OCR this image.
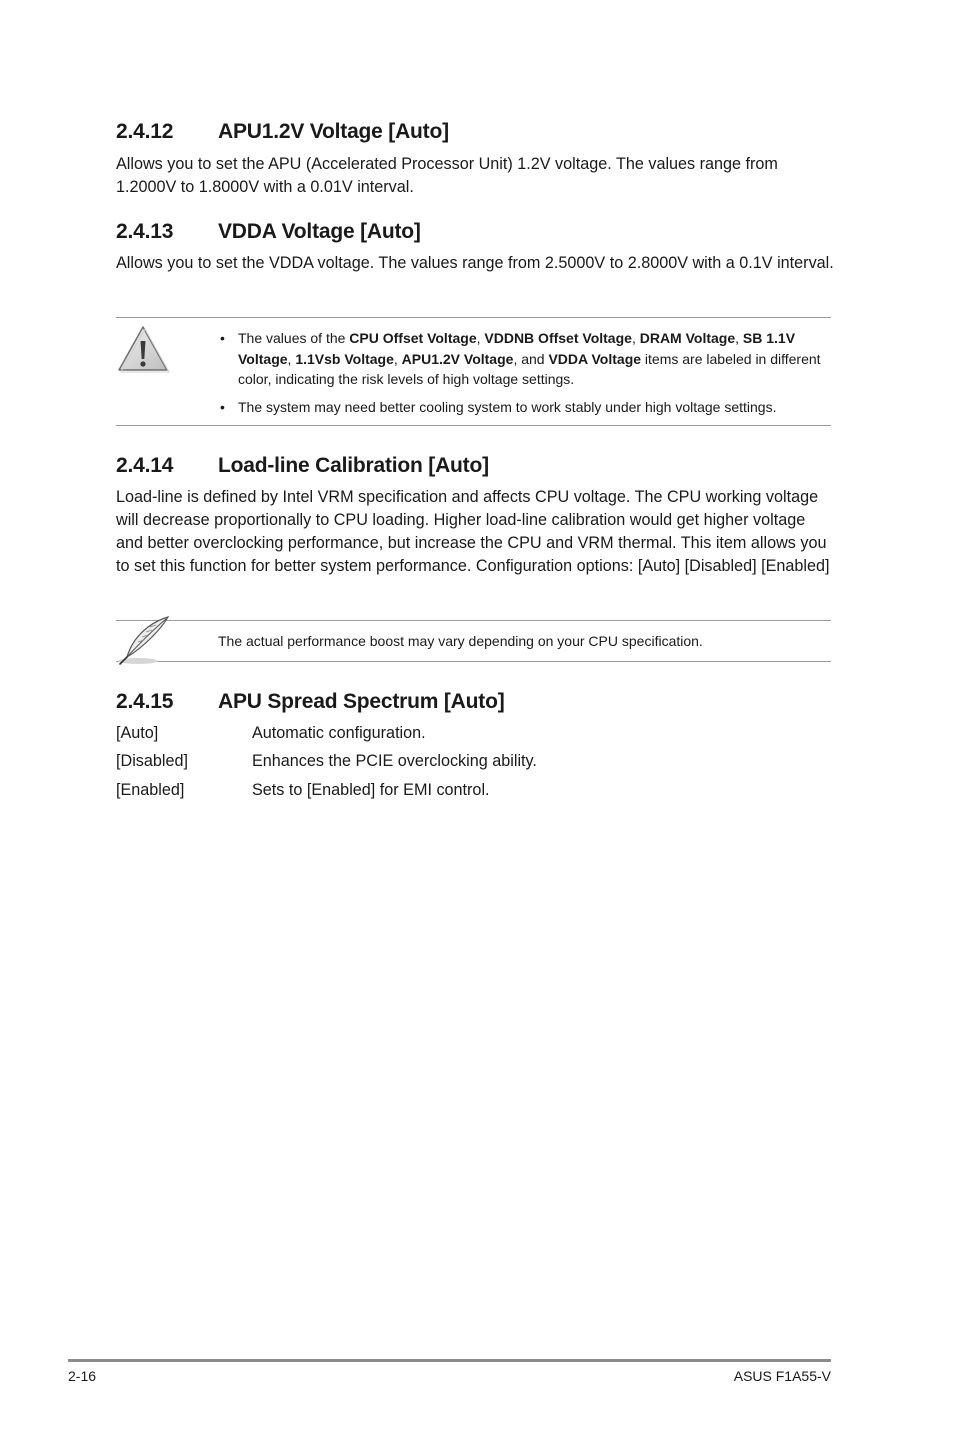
2.4.12 APU1.2V Voltage [Auto]

Allows you to set the APU (Accelerated Processor Unit) 1.2V voltage. The values range from 1.2000V to 1.8000V with a 0.01V interval.

2.4.13 VDDA Voltage [Auto]

Allows you to set the VDDA voltage. The values range from 2.5000V to 2.8000V with a 0.1V interval.

• The values of the CPU Offset Voltage, VDDNB Offset Voltage, DRAM Voltage, SB 1.1V Voltage, 1.1Vsb Voltage, APU1.2V Voltage, and VDDA Voltage items are labeled in different color, indicating the risk levels of high voltage settings.
• The system may need better cooling system to work stably under high voltage settings.
2.4.14 Load-line Calibration [Auto]

Load-line is defined by Intel VRM specification and affects CPU voltage. The CPU working voltage will decrease proportionally to CPU loading. Higher load-line calibration would get higher voltage and better overclocking performance, but increase the CPU and VRM thermal. This item allows you to set this function for better system performance. Configuration options: [Auto] [Disabled] [Enabled]

The actual performance boost may vary depending on your CPU specification.
2.4.15 APU Spread Spectrum [Auto]
[Auto]	Automatic configuration.
[Disabled]	Enhances the PCIE overclocking ability.
[Enabled]	Sets to [Enabled] for EMI control.
2-16	ASUS F1A55-V
